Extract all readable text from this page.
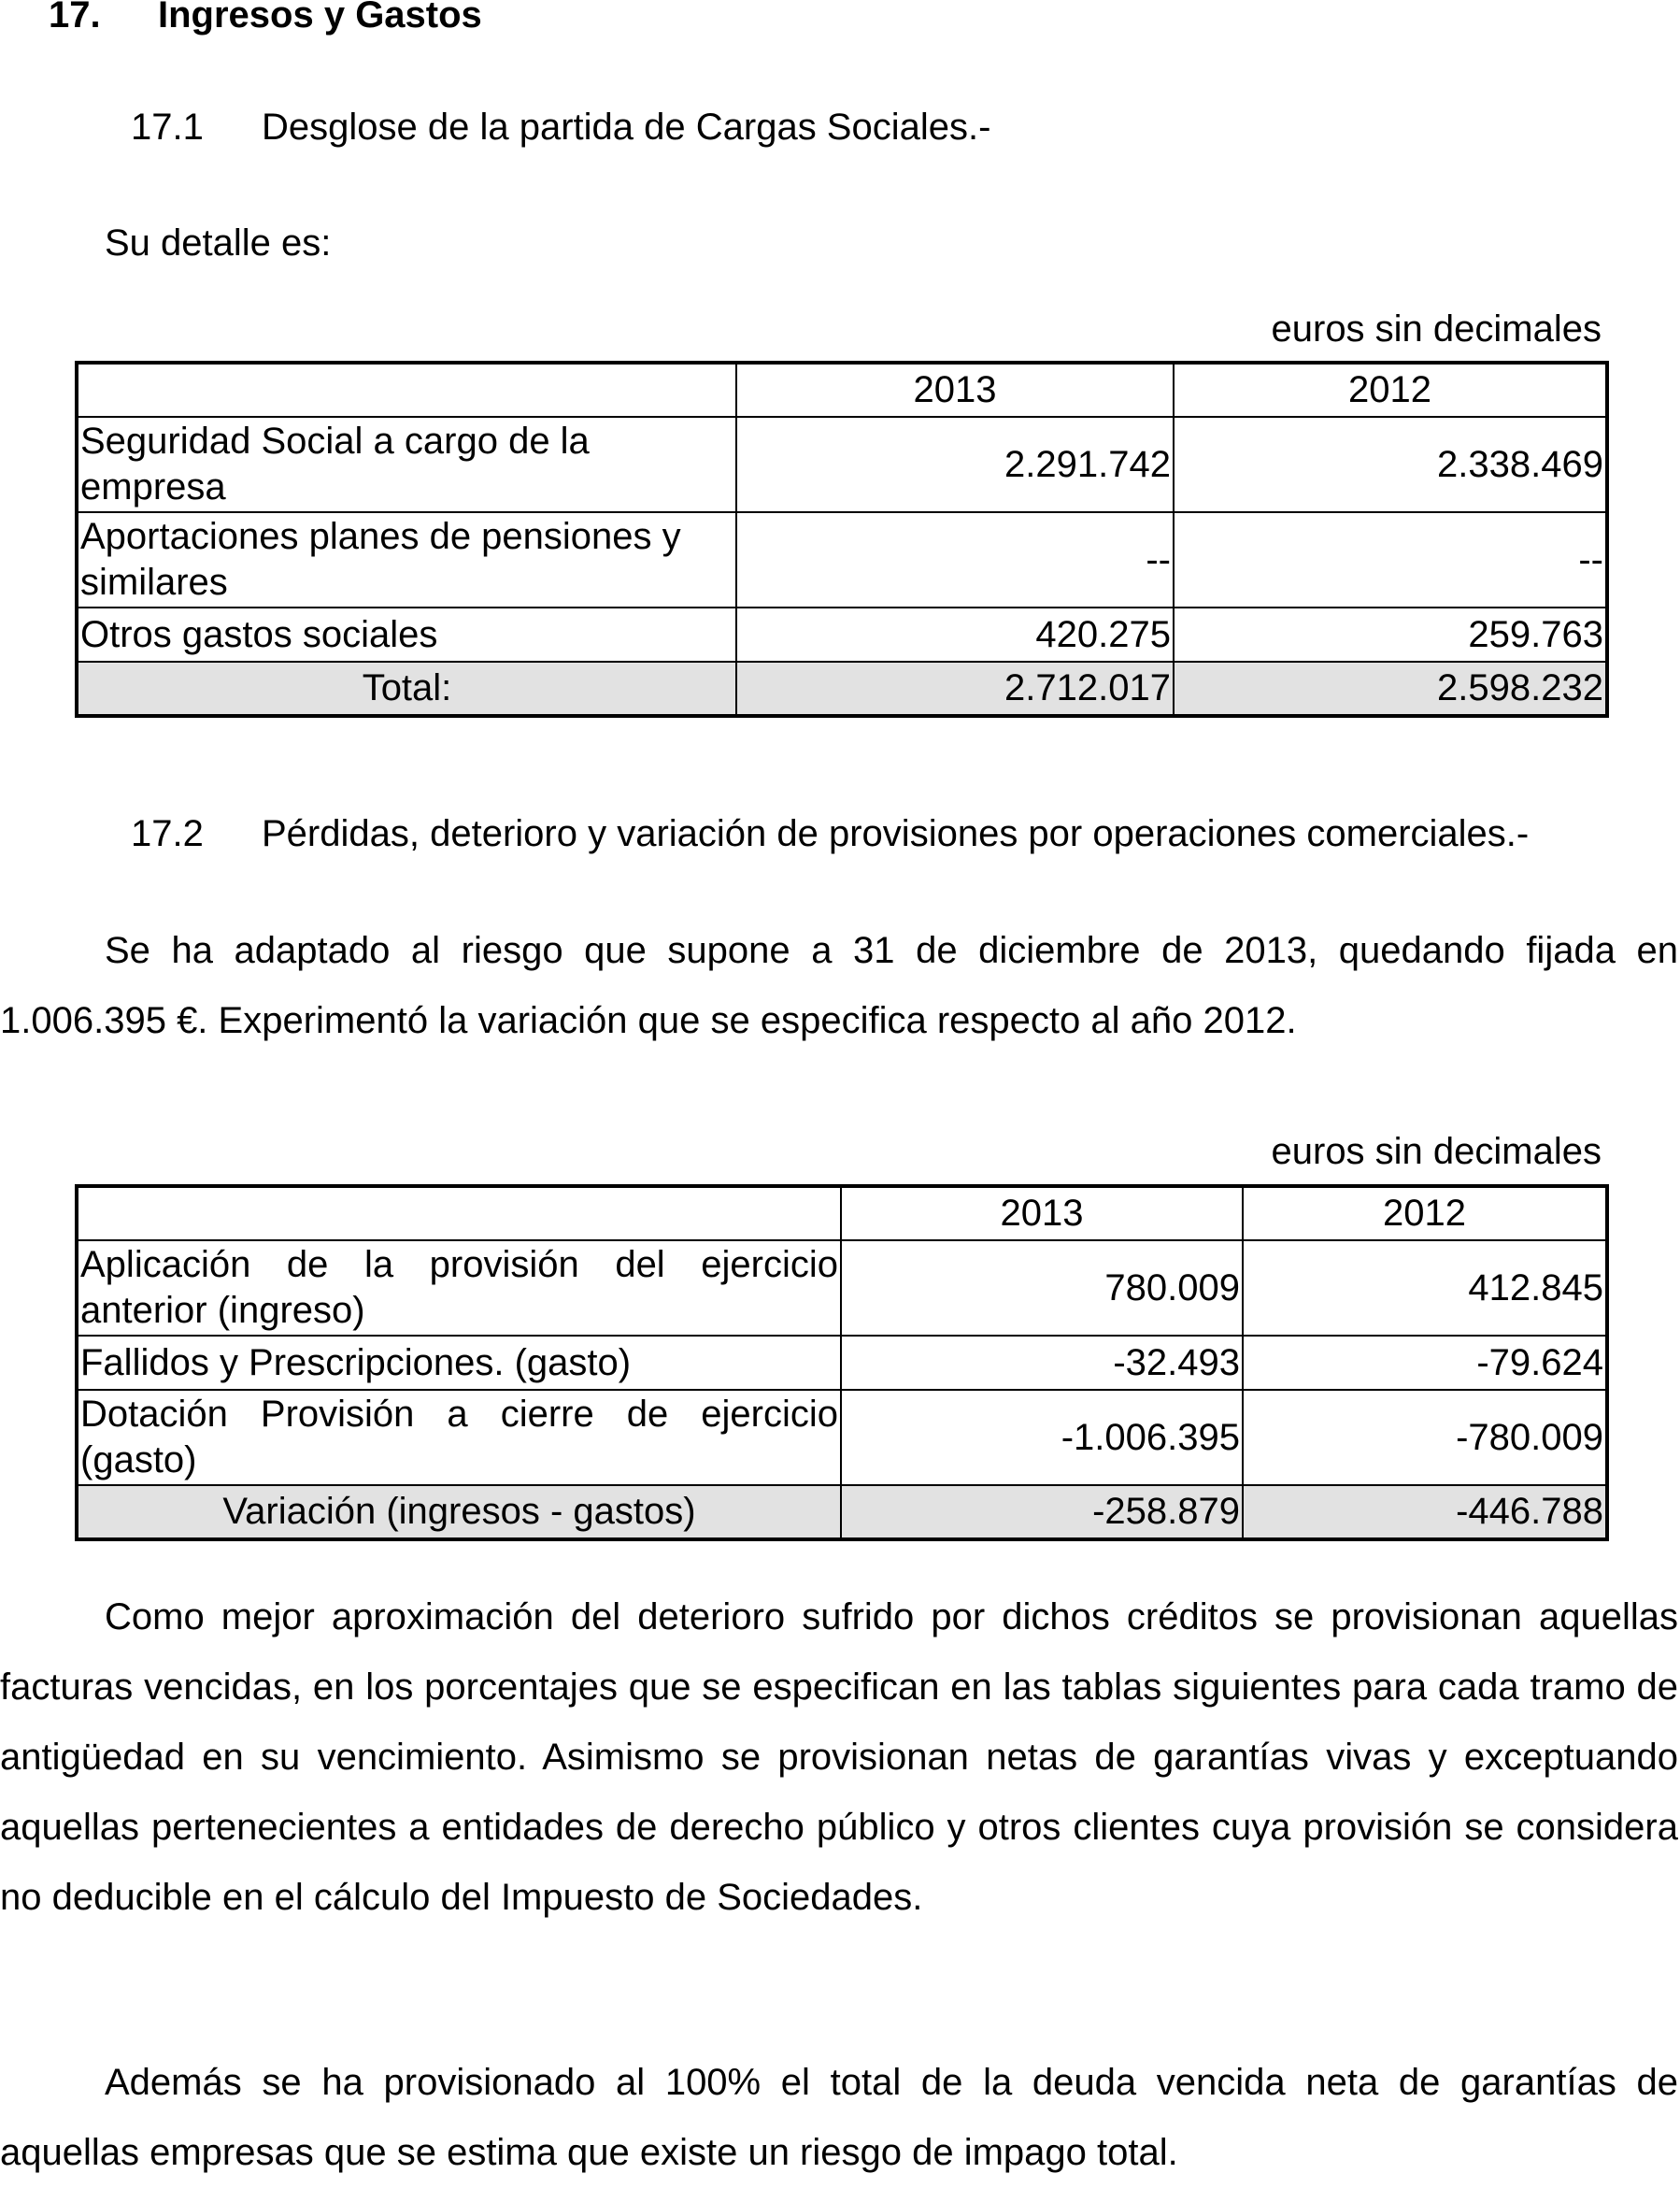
17. Ingresos y Gastos
17.1 Desglose de la partida de Cargas Sociales.-
Su detalle es:
euros sin decimales
	2013	2012
Seguridad Social a cargo de la empresa	2.291.742	2.338.469
Aportaciones planes de pensiones y similares	--	--
Otros gastos sociales	420.275	259.763
Total:	2.712.017	2.598.232
17.2 Pérdidas, deterioro y variación de provisiones por operaciones comerciales.-

Se ha adaptado al riesgo que supone a 31 de diciembre de 2013, quedando fijada en 1.006.395 €. Experimentó la variación que se especifica respecto al año 2012.

euros sin decimales
	2013	2012
Aplicación de la provisión del ejercicio anterior (ingreso)	780.009	412.845
Fallidos y Prescripciones. (gasto)	-32.493	-79.624
Dotación Provisión a cierre de ejercicio (gasto)	-1.006.395	-780.009
Variación (ingresos - gastos)	-258.879	-446.788

Como mejor aproximación del deterioro sufrido por dichos créditos se provisionan aquellas facturas vencidas, en los porcentajes que se especifican en las tablas siguientes para cada tramo de antigüedad en su vencimiento. Asimismo se provisionan netas de garantías vivas y exceptuando aquellas pertenecientes a entidades de derecho público y otros clientes cuya provisión se considera no deducible en el cálculo del Impuesto de Sociedades.

Además se ha provisionado al 100% el total de la deuda vencida neta de garantías de aquellas empresas que se estima que existe un riesgo de impago total.
